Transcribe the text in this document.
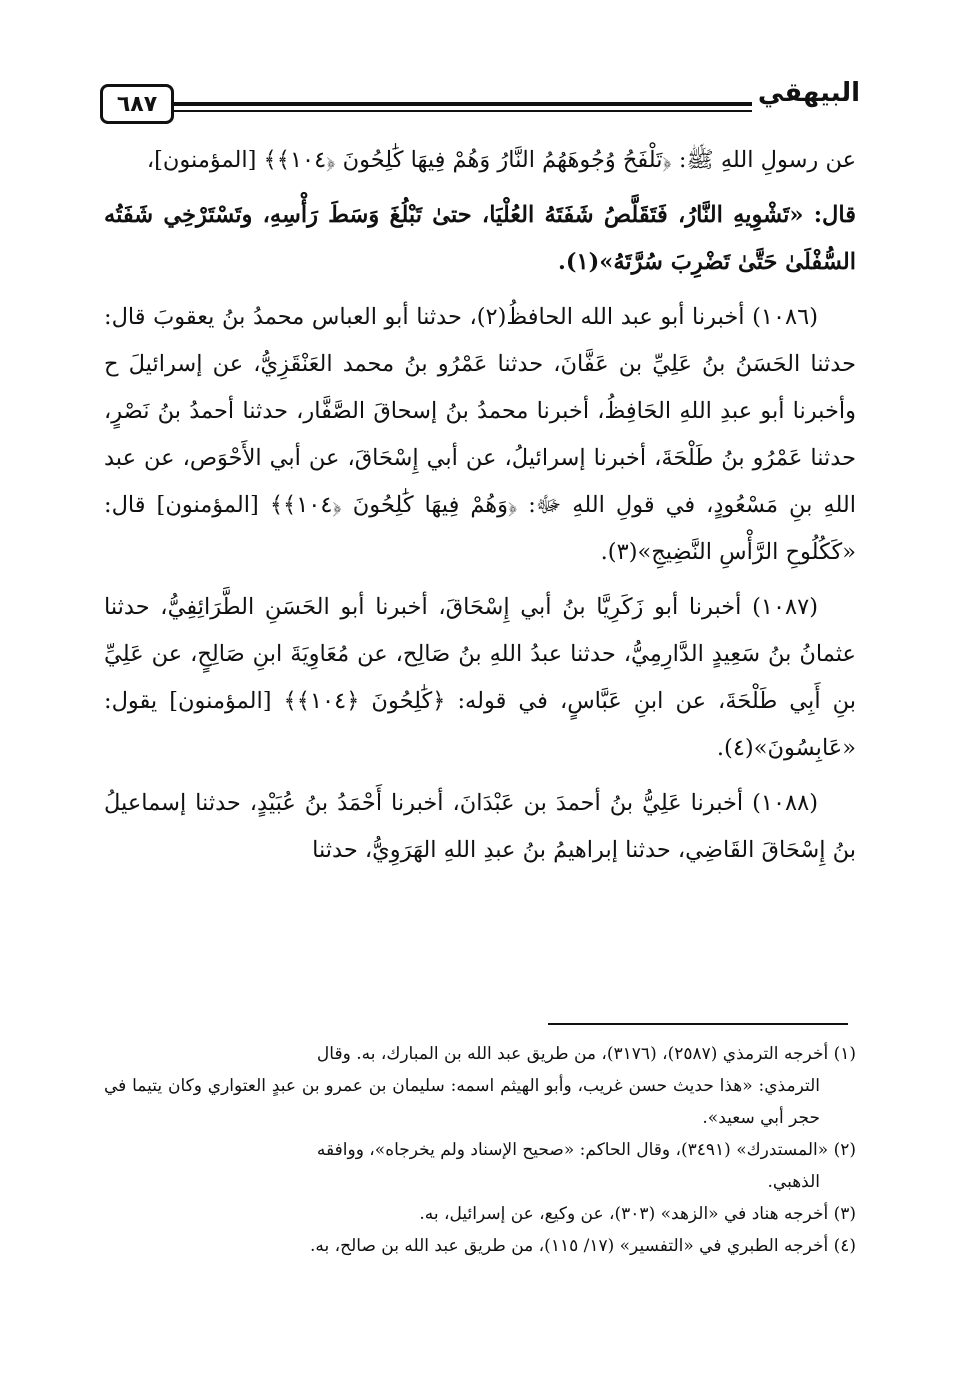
٦٨٧	البيهقي

عن رسولِ اللهِ ﷺ: ﴿تَلْفَحُ وُجُوهَهُمُ النَّارُ وَهُمْ فِيهَا كَٰلِحُونَ ﴿١٠٤﴾﴾ [المؤمنون]،

قال: «تَشْوِيهِ النَّارُ، فَتَقَلَّصُ شَفَتَهُ العُلْيَا، حتىٰ تَبْلُغَ وَسَطَ رَأْسِهِ، وتَسْتَرْخِي شَفَتُه السُّفْلَىٰ حَتَّىٰ تَضْرِبَ سُرَّتَهُ»(١).

(١٠٨٦) أخبرنا أبو عبد الله الحافظُ(٢)، حدثنا أبو العباس محمدُ بنُ يعقوبَ قال: حدثنا الحَسَنُ بنُ عَلِيِّ بن عَفَّانَ، حدثنا عَمْرُو بنُ محمد العَنْقَزِيُّ، عن إسرائيلَ ح وأخبرنا أبو عبدِ اللهِ الحَافِظُ، أخبرنا محمدُ بنُ إسحاقَ الصَّفَّار، حدثنا أحمدُ بنُ نَصْرٍ، حدثنا عَمْرُو بنُ طَلْحَةَ، أخبرنا إسرائيلُ، عن أبي إِسْحَاقَ، عن أبي الأَحْوَص، عن عبد اللهِ بنِ مَسْعُودٍ، في قولِ اللهِ ﷻ: ﴿وَهُمْ فِيهَا كَٰلِحُونَ ﴿١٠٤﴾﴾ [المؤمنون] قال: «كَكُلُوحِ الرَّأْسِ النَّضِيجِ»(٣).

(١٠٨٧) أخبرنا أبو زَكَرِيَّا بنُ أبي إِسْحَاقَ، أخبرنا أبو الحَسَنِ الطَّرَائِفِيُّ، حدثنا عثمانُ بنُ سَعِيدٍ الدَّارِمِيُّ، حدثنا عبدُ اللهِ بنُ صَالِح، عن مُعَاوِيَةَ ابنِ صَالِحٍ، عن عَلِيِّ بنِ أَبِي طَلْحَةَ، عن ابنِ عَبَّاسٍ، في قوله: ﴿كَٰلِحُونَ ﴿١٠٤﴾﴾ [المؤمنون] يقول: «عَابِسُونَ»(٤).

(١٠٨٨) أخبرنا عَلِيُّ بنُ أحمدَ بن عَبْدَانَ، أخبرنا أَحْمَدُ بنُ عُبَيْدٍ، حدثنا إسماعيلُ بنُ إِسْحَاقَ القَاضِي، حدثنا إبراهيمُ بنُ عبدِ اللهِ الهَرَوِيُّ، حدثنا

(١) أخرجه الترمذي (٢٥٨٧)، (٣١٧٦)، من طريق عبد الله بن المبارك، به. وقال
الترمذي: «هذا حديث حسن غريب، وأبو الهيثم اسمه: سليمان بن عمرو بن عبدٍ العتواري وكان يتيما في حجر أبي سعيد».

(٢) «المستدرك» (٣٤٩١)، وقال الحاكم: «صحيح الإسناد ولم يخرجاه»، ووافقه
الذهبي.

(٣) أخرجه هناد في «الزهد» (٣٠٣)، عن وكيع، عن إسرائيل، به.

(٤) أخرجه الطبري في «التفسير» (١٧/ ١١٥)، من طريق عبد الله بن صالح، به.
